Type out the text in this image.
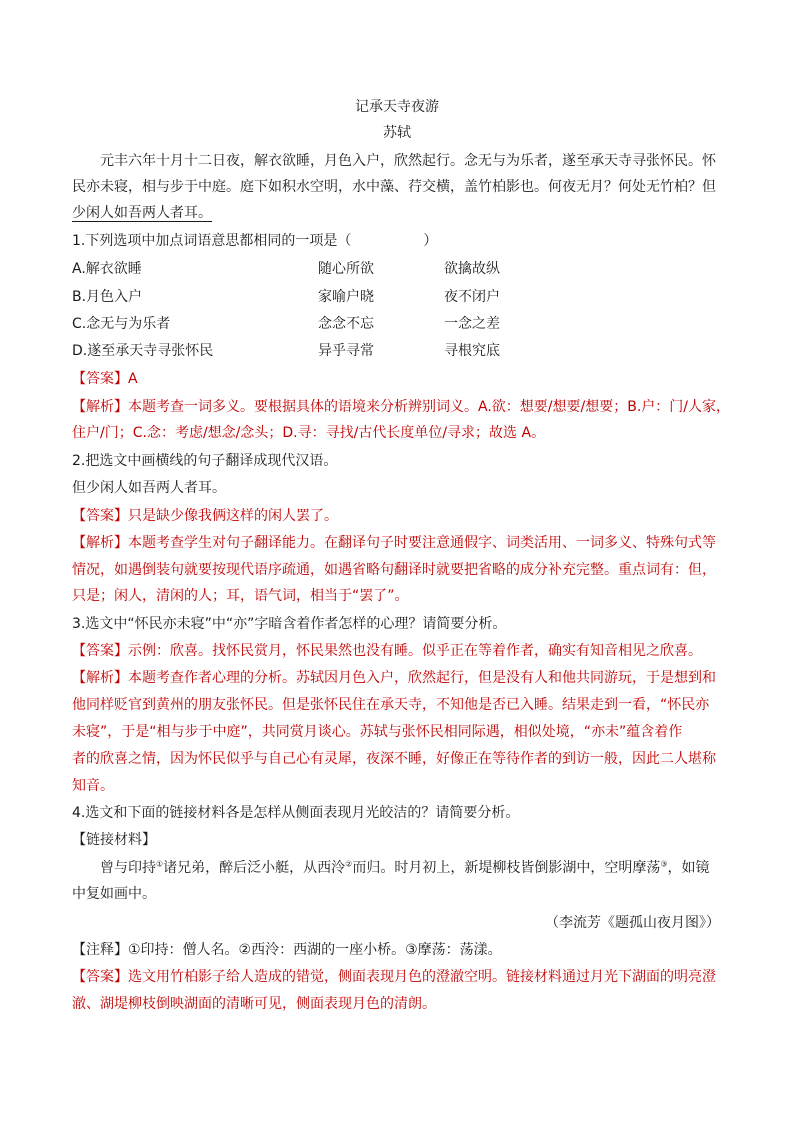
记承天寺夜游
苏轼
元丰六年十月十二日夜，解衣欲睡，月色入户，欣然起行。念无与为乐者，遂至承天寺寻张怀民。怀
民亦未寝，相与步于中庭。庭下如积水空明，水中藻、荇交横，盖竹柏影也。何夜无月？何处无竹柏？但
少闲人如吾两人者耳。
1.下列选项中加点词语意思都相同的一项是（	）
A.解衣欲睡	随心所欲	欲擒故纵
B.月色入户	家喻户晓	夜不闭户
C.念无与为乐者	念念不忘	一念之差
D.遂至承天寺寻张怀民	异乎寻常	寻根究底
【答案】A
【解析】本题考查一词多义。要根据具体的语境来分析辨别词义。A.欲：想要/想要/想要；B.户：门/人家，
住户/门；C.念：考虑/想念/念头；D.寻：寻找/古代长度单位/寻求；故选 A。
2.把选文中画横线的句子翻译成现代汉语。
但少闲人如吾两人者耳。
【答案】只是缺少像我俩这样的闲人罢了。
【解析】本题考查学生对句子翻译能力。在翻译句子时要注意通假字、词类活用、一词多义、特殊句式等
情况，如遇倒装句就要按现代语序疏通，如遇省略句翻译时就要把省略的成分补充完整。重点词有：但，
只是；闲人，清闲的人；耳，语气词，相当于“罢了”。
3.选文中“怀民亦未寝”中“亦”字暗含着作者怎样的心理？请简要分析。
【答案】示例：欣喜。找怀民赏月，怀民果然也没有睡。似乎正在等着作者，确实有知音相见之欣喜。
【解析】本题考查作者心理的分析。苏轼因月色入户，欣然起行，但是没有人和他共同游玩，于是想到和
他同样贬官到黄州的朋友张怀民。但是张怀民住在承天寺，不知他是否已入睡。结果走到一看，“怀民亦
未寝”，于是“相与步于中庭”，共同赏月谈心。苏轼与张怀民相同际遇，相似处境，“亦未”蕴含着作
者的欣喜之情，因为怀民似乎与自己心有灵犀，夜深不睡，好像正在等待作者的到访一般，因此二人堪称
知音。
4.选文和下面的链接材料各是怎样从侧面表现月光皎洁的？请简要分析。
【链接材料】
曾与印持①诸兄弟，醉后泛小艇，从西泠②而归。时月初上，新堤柳枝皆倒影湖中，空明摩荡③，如镜
中复如画中。
（李流芳《题孤山夜月图》）
【注释】①印持：僧人名。②西泠：西湖的一座小桥。③摩荡：荡漾。
【答案】选文用竹柏影子给人造成的错觉，侧面表现月色的澄澈空明。链接材料通过月光下湖面的明亮澄
澈、湖堤柳枝倒映湖面的清晰可见，侧面表现月色的清朗。
